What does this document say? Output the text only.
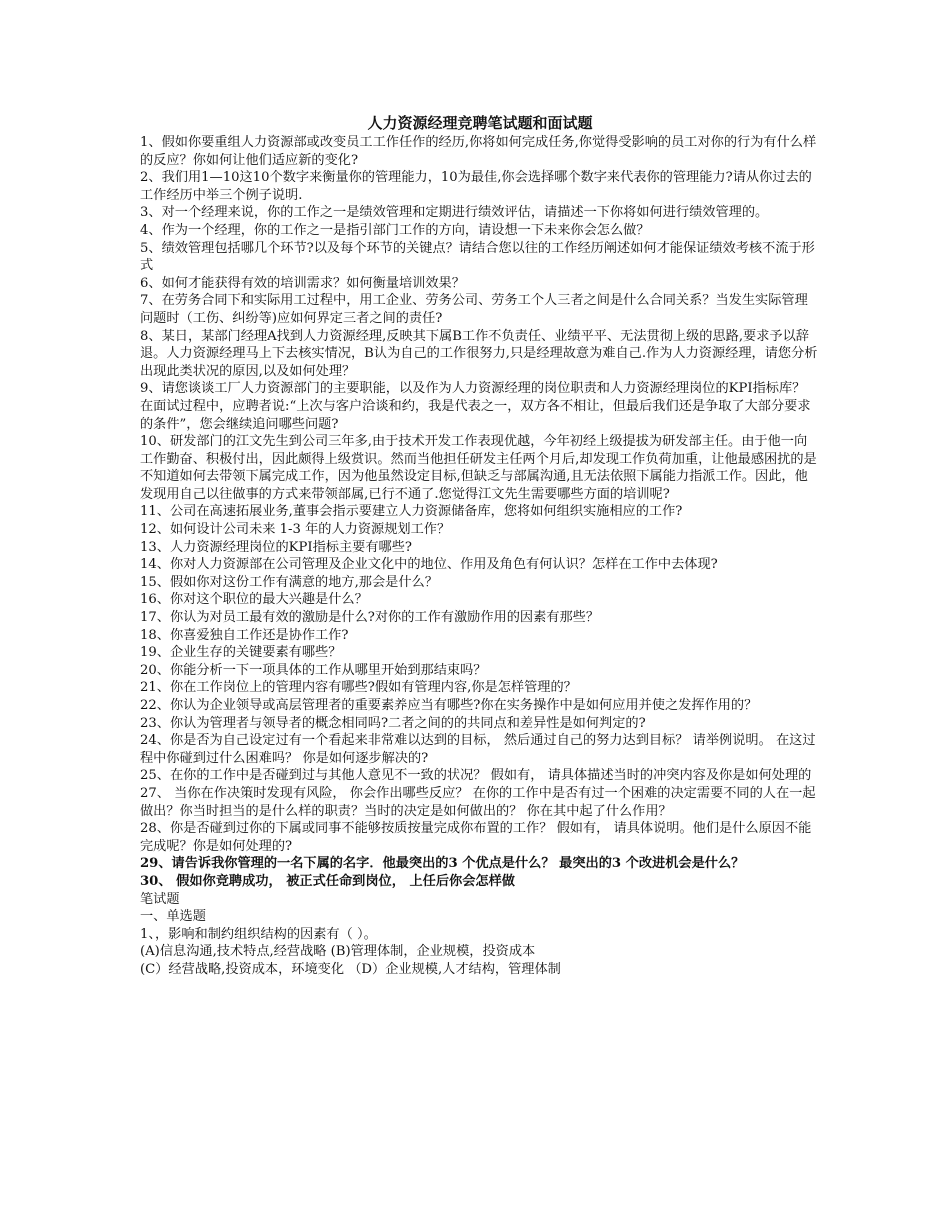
人力资源经理竞聘笔试题和面试题

1、假如你要重组人力资源部或改变员工工作任作的经历,你将如何完成任务,你觉得受影响的员工对你的行为有什么样的反应？你如何让他们适应新的变化?

2、我们用1—10这10个数字来衡量你的管理能力，10为最佳,你会选择哪个数字来代表你的管理能力?请从你过去的工作经历中举三个例子说明.

3、对一个经理来说，你的工作之一是绩效管理和定期进行绩效评估，请描述一下你将如何进行绩效管理的。

4、作为一个经理，你的工作之一是指引部门工作的方向，请设想一下未来你会怎么做？

5、绩效管理包括哪几个环节?以及每个环节的关键点？请结合您以往的工作经历阐述如何才能保证绩效考核不流于形式

6、如何才能获得有效的培训需求？如何衡量培训效果？

7、在劳务合同下和实际用工过程中，用工企业、劳务公司、劳务工个人三者之间是什么合同关系？当发生实际管理问题时（工伤、纠纷等)应如何界定三者之间的责任?

8、某日，某部门经理A找到人力资源经理,反映其下属B工作不负责任、业绩平平、无法贯彻上级的思路,要求予以辞退。人力资源经理马上下去核实情况，B认为自己的工作很努力,只是经理故意为难自己.作为人力资源经理，请您分析出现此类状况的原因,以及如何处理？

9、请您谈谈工厂人力资源部门的主要职能，以及作为人力资源经理的岗位职责和人力资源经理岗位的KPI指标库？

在面试过程中，应聘者说:“上次与客户洽谈和约，我是代表之一，双方各不相让，但最后我们还是争取了大部分要求的条件”，您会继续追问哪些问题?

10、研发部门的江文先生到公司三年多,由于技术开发工作表现优越，今年初经上级提拔为研发部主任。由于他一向工作勤奋、积极付出，因此颇得上级赏识。然而当他担任研发主任两个月后,却发现工作负荷加重，让他最感困扰的是不知道如何去带领下属完成工作，因为他虽然设定目标,但缺乏与部属沟通,且无法依照下属能力指派工作。因此，他发现用自己以往做事的方式来带领部属,已行不通了.您觉得江文先生需要哪些方面的培训呢?

11、公司在高速拓展业务,董事会指示要建立人力资源储备库，您将如何组织实施相应的工作?

12、如何设计公司未来 1-3 年的人力资源规划工作？

13、人力资源经理岗位的KPI指标主要有哪些?

14、你对人力资源部在公司管理及企业文化中的地位、作用及角色有何认识？怎样在工作中去体现?

15、假如你对这份工作有满意的地方,那会是什么？

16、你对这个职位的最大兴趣是什么？

17、你认为对员工最有效的激励是什么?对你的工作有激励作用的因素有那些？

18、你喜爱独自工作还是协作工作?

19、企业生存的关键要素有哪些？

20、你能分析一下一项具体的工作从哪里开始到那结束吗？

21、你在工作岗位上的管理内容有哪些?假如有管理内容,你是怎样管理的？

22、你认为企业领导或高层管理者的重要素养应当有哪些?你在实务操作中是如何应用并使之发挥作用的？

23、你认为管理者与领导者的概念相同吗?二者之间的的共同点和差异性是如何判定的?

24、你是否为自己设定过有一个看起来非常难以达到的目标， 然后通过自己的努力达到目标？ 请举例说明。 在这过程中你碰到过什么困难吗？ 你是如何逐步解决的?

25、在你的工作中是否碰到过与其他人意见不一致的状况？ 假如有， 请具体描述当时的冲突内容及你是如何处理的

27、 当你在作决策时发现有风险， 你会作出哪些反应？ 在你的工作中是否有过一个困难的决定需要不同的人在一起做出？你当时担当的是什么样的职责？当时的决定是如何做出的？ 你在其中起了什么作用？

28、你是否碰到过你的下属或同事不能够按质按量完成你布置的工作？ 假如有， 请具体说明。他们是什么原因不能完成呢？你是如何处理的?

29、请告诉我你管理的一名下属的名字．他最突出的3 个优点是什么？ 最突出的3 个改进机会是什么？

30、 假如你竞聘成功， 被正式任命到岗位， 上任后你会怎样做

笔试题

一、单选题

1、，影响和制约组织结构的因素有（ ）。

(A)信息沟通,技术特点,经营战略 (B)管理体制，企业规模，投资成本

(C）经营战略,投资成本，环境变化 （D）企业规模,人才结构，管理体制
